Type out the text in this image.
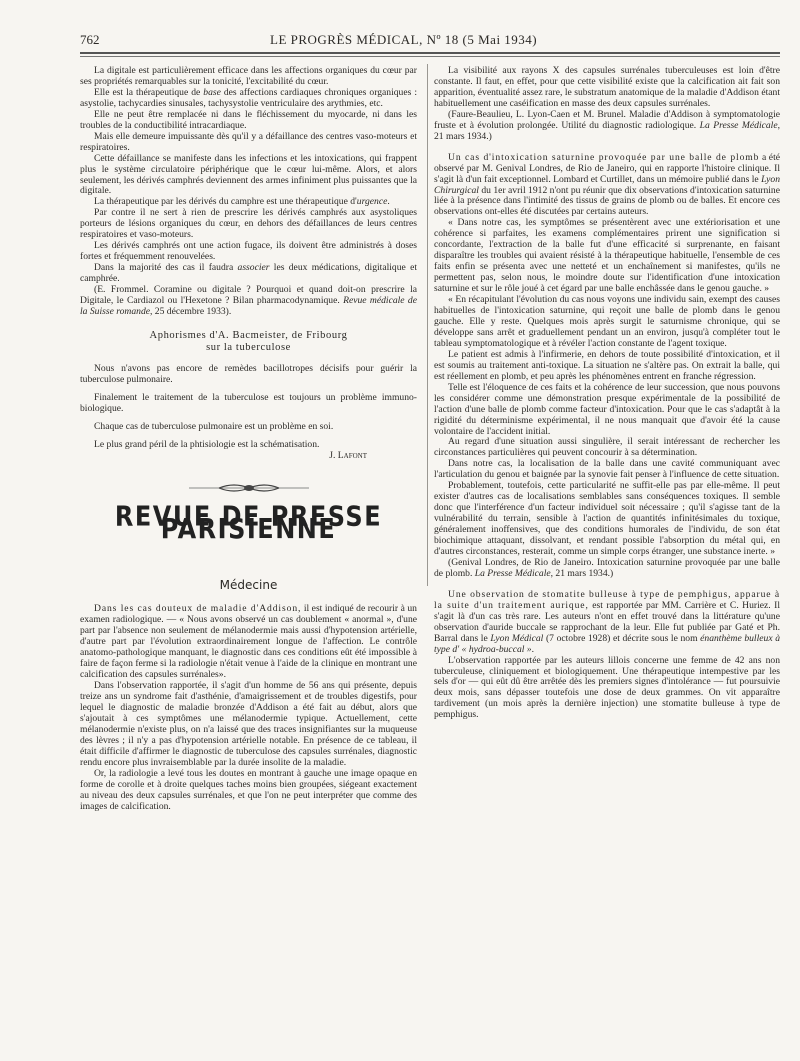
762	LE PROGRÈS MÉDICAL, Nº 18 (5 Mai 1934)

La digitale est particulièrement efficace dans les affections organiques du cœur par ses propriétés remarquables sur la tonicité, l'excitabilité du cœur.

Elle est la thérapeutique de base des affections cardiaques chroniques organiques : asystolie, tachycardies sinusales, tachysystolie ventriculaire des arythmies, etc.

Elle ne peut être remplacée ni dans le fléchissement du myocarde, ni dans les troubles de la conductibilité intracardiaque.

Mais elle demeure impuissante dès qu'il y a défaillance des centres vaso-moteurs et respiratoires.

Cette défaillance se manifeste dans les infections et les intoxications, qui frappent plus le système circulatoire périphérique que le cœur lui-même. Alors, et alors seulement, les dérivés camphrés deviennent des armes infiniment plus puissantes que la digitale.

La thérapeutique par les dérivés du camphre est une thérapeutique d'urgence.

Par contre il ne sert à rien de prescrire les dérivés camphrés aux asystoliques porteurs de lésions organiques du cœur, en dehors des défaillances de leurs centres respiratoires et vaso-moteurs.

Les dérivés camphrés ont une action fugace, ils doivent être administrés à doses fortes et fréquemment renouvelées.

Dans la majorité des cas il faudra associer les deux médications, digitalique et camphrée.

(E. Frommel. Coramine ou digitale ? Pourquoi et quand doit-on prescrire la Digitale, le Cardiazol ou l'Hexetone ? Bilan pharmacodynamique. Revue médicale de la Suisse romande, 25 décembre 1933).

Aphorismes d'A. Bacmeister, de Fribourg
sur la tuberculose

Nous n'avons pas encore de remèdes bacillotropes décisifs pour guérir la tuberculose pulmonaire.

Finalement le traitement de la tuberculose est toujours un problème immuno-biologique.

Chaque cas de tuberculose pulmonaire est un problème en soi.

Le plus grand péril de la phtisiologie est la schématisation.

J. Lafont
REVUE DE PRESSE PARISIENNE
Médecine

Dans les cas douteux de maladie d'Addison, il est indiqué de recourir à un examen radiologique. — « Nous avons observé un cas doublement « anormal », d'une part par l'absence non seulement de mélanodermie mais aussi d'hypotension artérielle, d'autre part par l'évolution extraordinairement longue de l'affection. Le contrôle anatomo-pathologique manquant, le diagnostic dans ces conditions eût été impossible à faire de façon ferme si la radiologie n'était venue à l'aide de la clinique en montrant une calcification des capsules surrénales».

Dans l'observation rapportée, il s'agit d'un homme de 56 ans qui présente, depuis treize ans un syndrome fait d'asthénie, d'amaigrissement et de troubles digestifs, pour lequel le diagnostic de maladie bronzée d'Addison a été fait au début, alors que s'ajoutait à ces symptômes une mélanodermie typique. Actuellement, cette mélanodermie n'existe plus, on n'a laissé que des traces insignifiantes sur la muqueuse des lèvres ; il n'y a pas d'hypotension artérielle notable. En présence de ce tableau, il était difficile d'affirmer le diagnostic de tuberculose des capsules surrénales, diagnostic rendu encore plus invraisemblable par la durée insolite de la maladie.

Or, la radiologie a levé tous les doutes en montrant à gauche une image opaque en forme de corolle et à droite quelques taches moins bien groupées, siégeant exactement au niveau des deux capsules surrénales, et que l'on ne peut interpréter que comme des images de calcification.

La visibilité aux rayons X des capsules surrénales tuberculeuses est loin d'être constante. Il faut, en effet, pour que cette visibilité existe que la calcification ait fait son apparition, éventualité assez rare, le substratum anatomique de la maladie d'Addison étant habituellement une caséification en masse des deux capsules surrénales.

(Faure-Beaulieu, L. Lyon-Caen et M. Brunel. Maladie d'Addison à symptomatologie fruste et à évolution prolongée. Utilité du diagnostic radiologique. La Presse Médicale, 21 mars 1934.)

Un cas d'intoxication saturnine provoquée par une balle de plomb a été observé par M. Genival Londres, de Rio de Janeiro, qui en rapporte l'histoire clinique. Il s'agit là d'un fait exceptionnel. Lombard et Curtillet, dans un mémoire publié dans le Lyon Chirurgical du 1er avril 1912 n'ont pu réunir que dix observations d'intoxication saturnine liée à la présence dans l'intimité des tissus de grains de plomb ou de balles. Et encore ces observations ont-elles été discutées par certains auteurs.

« Dans notre cas, les symptômes se présentèrent avec une extériorisation et une cohérence si parfaites, les examens complémentaires prirent une signification si concordante, l'extraction de la balle fut d'une efficacité si surprenante, en faisant disparaître les troubles qui avaient résisté à la thérapeutique habituelle, l'ensemble de ces faits enfin se présenta avec une netteté et un enchaînement si manifestes, qu'ils ne permettent pas, selon nous, le moindre doute sur l'identification d'une intoxication saturnine et sur le rôle joué à cet égard par une balle enchâssée dans le genou gauche. »

« En récapitulant l'évolution du cas nous voyons une individu sain, exempt des causes habituelles de l'intoxication saturnine, qui reçoit une balle de plomb dans le genou gauche. Elle y reste. Quelques mois après surgit le saturnisme chronique, qui se développe sans arrêt et graduellement pendant un an environ, jusqu'à compléter tout le tableau symptomatologique et à révéler l'action constante de l'agent toxique.

Le patient est admis à l'infirmerie, en dehors de toute possibilité d'intoxication, et il est soumis au traitement anti-toxique. La situation ne s'altère pas. On extrait la balle, qui est réellement en plomb, et peu après les phénomènes entrent en franche régression.

Telle est l'éloquence de ces faits et la cohérence de leur succession, que nous pouvons les considérer comme une démonstration presque expérimentale de la possibilité de l'action d'une balle de plomb comme facteur d'intoxication. Pour que le cas s'adaptât à la rigidité du déterminisme expérimental, il ne nous manquait que d'avoir été la cause volontaire de l'accident initial.

Au regard d'une situation aussi singulière, il serait intéressant de rechercher les circonstances particulières qui peuvent concourir à sa détermination.

Dans notre cas, la localisation de la balle dans une cavité communiquant avec l'articulation du genou et baignée par la synovie fait penser à l'influence de cette situation.

Probablement, toutefois, cette particularité ne suffit-elle pas par elle-même. Il peut exister d'autres cas de localisations semblables sans conséquences toxiques. Il semble donc que l'interférence d'un facteur individuel soit nécessaire ; qu'il s'agisse tant de la vulnérabilité du terrain, sensible à l'action de quantités infinitésimales du toxique, généralement inoffensives, que des conditions humorales de l'individu, de son état biochimique attaquant, dissolvant, et rendant possible l'absorption du métal qui, en d'autres circonstances, resterait, comme un simple corps étranger, une substance inerte. »

(Genival Londres, de Rio de Janeiro. Intoxication saturnine provoquée par une balle de plomb. La Presse Médicale, 21 mars 1934.)

Une observation de stomatite bulleuse à type de pemphigus, apparue à la suite d'un traitement aurique, est rapportée par MM. Carrière et C. Huriez. Il s'agit là d'un cas très rare. Les auteurs n'ont en effet trouvé dans la littérature qu'une observation d'auride buccale se rapprochant de la leur. Elle fut publiée par Gaté et Ph. Barral dans le Lyon Médical (7 octobre 1928) et décrite sous le nom énanthème bulleux à type d' « hydroa-buccal ».

L'observation rapportée par les auteurs lillois concerne une femme de 42 ans non tuberculeuse, cliniquement et biologiquement. Une thérapeutique intempestive par les sels d'or — qui eût dû être arrêtée dès les premiers signes d'intolérance — fut poursuivie deux mois, sans dépasser toutefois une dose de deux grammes. On vit apparaître tardivement (un mois après la dernière injection) une stomatite bulleuse à type de pemphigus.
